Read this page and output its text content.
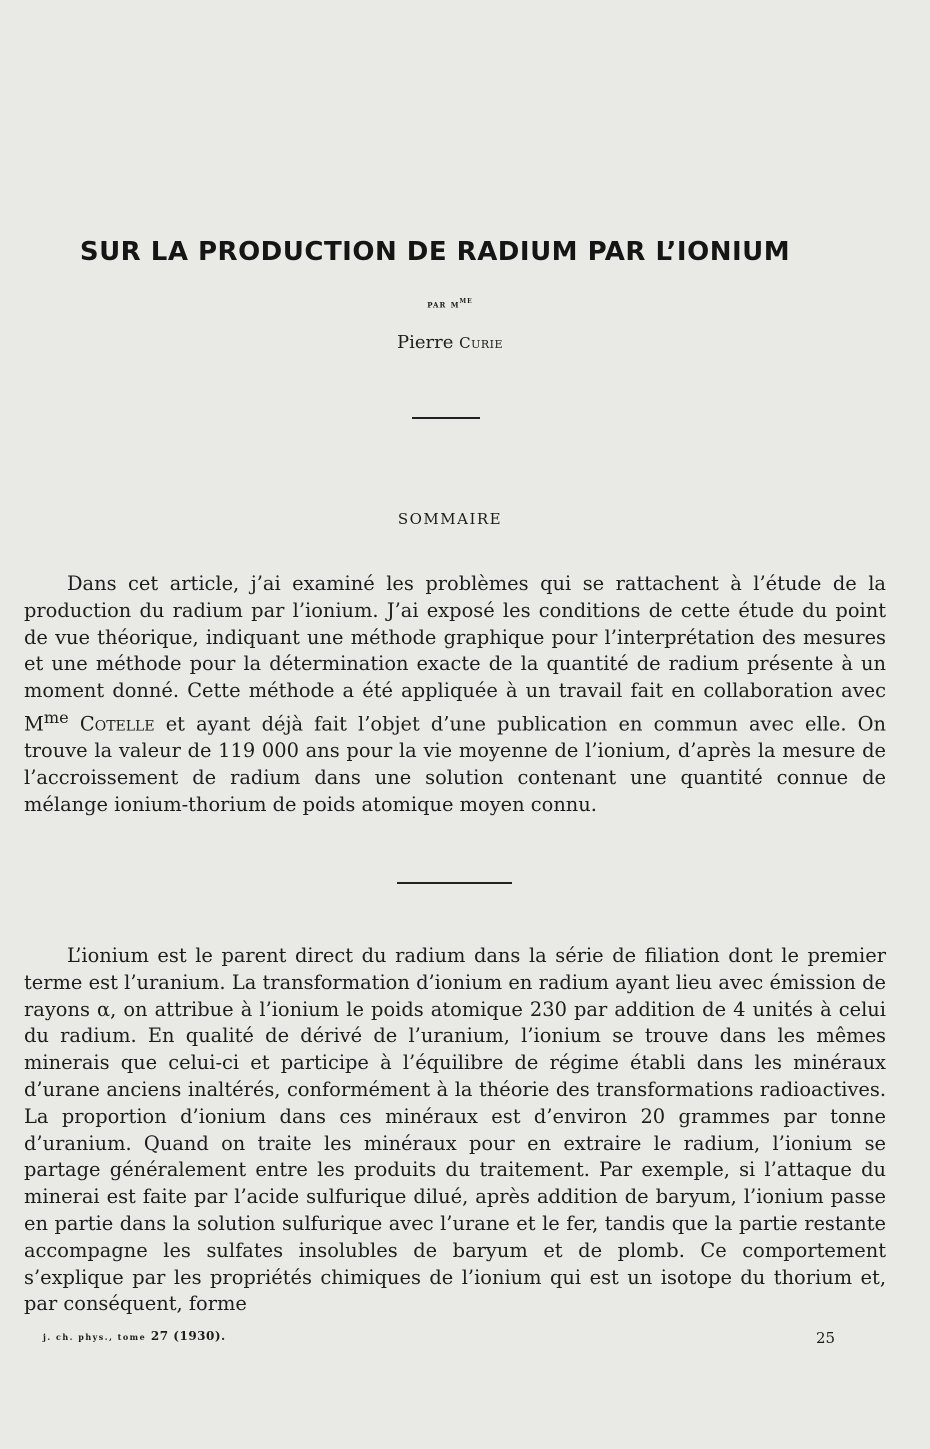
SUR LA PRODUCTION DE RADIUM PAR L’IONIUM
par $m^{me}$
Pierre Curie
SOMMAIRE

Dans cet article, j’ai examiné les problèmes qui se rattachent à l’étude de la production du radium par l’ionium. J’ai exposé les conditions de cette étude du point de vue théorique, indiquant une méthode graphique pour l’interprétation des mesures et une méthode pour la détermination exacte de la quantité de radium présente à un moment donné. Cette méthode a été appliquée à un travail fait en collaboration avec $M^{me}$ Cotelle et ayant déjà fait l’objet d’une publication en commun avec elle. On trouve la valeur de 119 000 ans pour la vie moyenne de l’ionium, d’après la mesure de l’accroissement de radium dans une solution contenant une quantité connue de mélange ionium-thorium de poids atomique moyen connu.

L’ionium est le parent direct du radium dans la série de filiation dont le premier terme est l’uranium. La transformation d’ionium en radium ayant lieu avec émission de rayons α, on attribue à l’ionium le poids atomique 230 par addition de 4 unités à celui du radium. En qualité de dérivé de l’uranium, l’ionium se trouve dans les mêmes minerais que celui-ci et participe à l’équilibre de régime établi dans les minéraux d’urane anciens inaltérés, conformément à la théorie des transformations radioactives. La proportion d’ionium dans ces minéraux est d’environ 20 grammes par tonne d’uranium. Quand on traite les minéraux pour en extraire le radium, l’ionium se partage généralement entre les produits du traitement. Par exemple, si l’attaque du minerai est faite par l’acide sulfurique dilué, après addition de baryum, l’ionium passe en partie dans la solution sulfurique avec l’urane et le fer, tandis que la partie restante accompagne les sulfates insolubles de baryum et de plomb. Ce comportement s’explique par les propriétés chimiques de l’ionium qui est un isotope du thorium et, par conséquent, forme

j. ch. phys., tome 27 (1930).	25
